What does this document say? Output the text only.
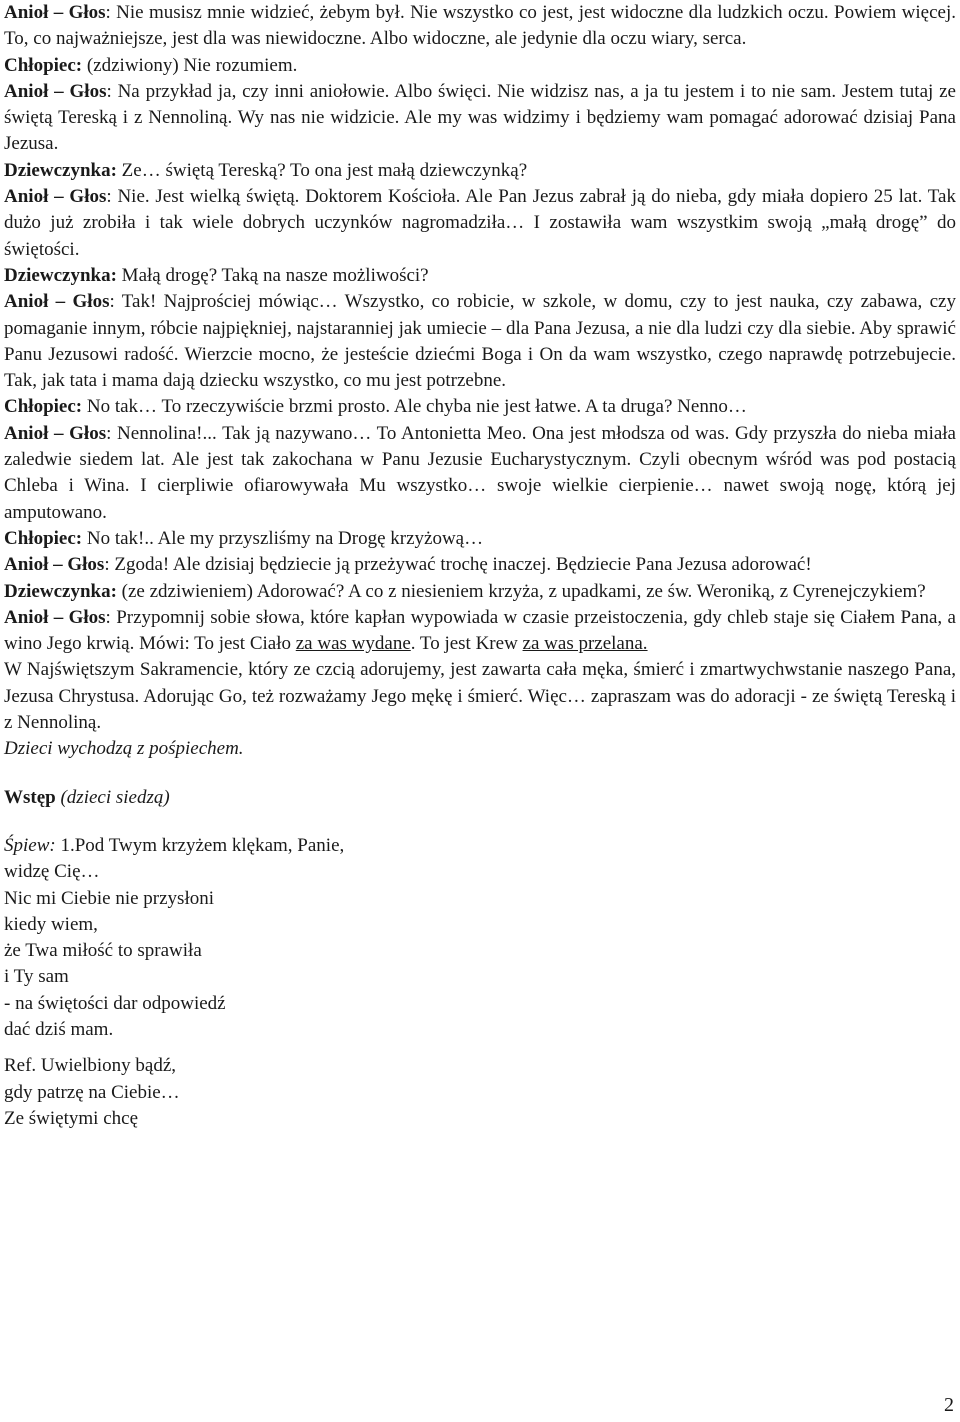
Anioł – Głos: Nie musisz mnie widzieć, żebym był. Nie wszystko co jest, jest widoczne dla ludzkich oczu. Powiem więcej. To, co najważniejsze, jest dla was niewidoczne. Albo widoczne, ale jedynie dla oczu wiary, serca.

Chłopiec: (zdziwiony) Nie rozumiem.

Anioł – Głos: Na przykład ja, czy inni aniołowie. Albo święci. Nie widzisz nas, a ja tu jestem i to nie sam. Jestem tutaj ze świętą Tereską i z Nennoliną. Wy nas nie widzicie. Ale my was widzimy i będziemy wam pomagać adorować dzisiaj Pana Jezusa.

Dziewczynka: Ze… świętą Tereską? To ona jest małą dziewczynką?

Anioł – Głos: Nie. Jest wielką świętą. Doktorem Kościoła. Ale Pan Jezus zabrał ją do nieba, gdy miała dopiero 25 lat. Tak dużo już zrobiła i tak wiele dobrych uczynków nagromadziła… I zostawiła wam wszystkim swoją „małą drogę” do świętości.

Dziewczynka: Małą drogę? Taką na nasze możliwości?

Anioł – Głos: Tak! Najprościej mówiąc… Wszystko, co robicie, w szkole, w domu, czy to jest nauka, czy zabawa, czy pomaganie innym, róbcie najpiękniej, najstaranniej jak umiecie – dla Pana Jezusa, a nie dla ludzi czy dla siebie. Aby sprawić Panu Jezusowi radość. Wierzcie mocno, że jesteście dziećmi Boga i On da wam wszystko, czego naprawdę potrzebujecie. Tak, jak tata i mama dają dziecku wszystko, co mu jest potrzebne.

Chłopiec: No tak… To rzeczywiście brzmi prosto. Ale chyba nie jest łatwe. A ta druga? Nenno…

Anioł – Głos: Nennolina!... Tak ją nazywano… To Antonietta Meo. Ona jest młodsza od was. Gdy przyszła do nieba miała zaledwie siedem lat. Ale jest tak zakochana w Panu Jezusie Eucharystycznym. Czyli obecnym wśród was pod postacią Chleba i Wina. I cierpliwie ofiarowywała Mu wszystko… swoje wielkie cierpienie… nawet swoją nogę, którą jej amputowano.

Chłopiec: No tak!.. Ale my przyszliśmy na Drogę krzyżową…

Anioł – Głos: Zgoda! Ale dzisiaj będziecie ją przeżywać trochę inaczej. Będziecie Pana Jezusa adorować!

Dziewczynka: (ze zdziwieniem) Adorować? A co z niesieniem krzyża, z upadkami, ze św. Weroniką, z Cyrenejczykiem?

Anioł – Głos: Przypomnij sobie słowa, które kapłan wypowiada w czasie przeistoczenia, gdy chleb staje się Ciałem Pana, a wino Jego krwią. Mówi: To jest Ciało za was wydane. To jest Krew za was przelana.

W Najświętszym Sakramencie, który ze czcią adorujemy, jest zawarta cała męka, śmierć i zmartwychwstanie naszego Pana, Jezusa Chrystusa. Adorując Go, też rozważamy Jego mękę i śmierć. Więc… zapraszam was do adoracji - ze świętą Tereską i z Nennoliną.

Dzieci wychodzą z pośpiechem.

Wstęp (dzieci siedzą)

Śpiew: 1.Pod Twym krzyżem klękam, Panie,

widzę Cię…

Nic mi Ciebie nie przysłoni

kiedy wiem,

że Twa miłość to sprawiła

i Ty sam

- na świętości dar odpowiedź

dać dziś mam.

Ref. Uwielbiony bądź,

gdy patrzę na Ciebie…

Ze świętymi chcę

2
